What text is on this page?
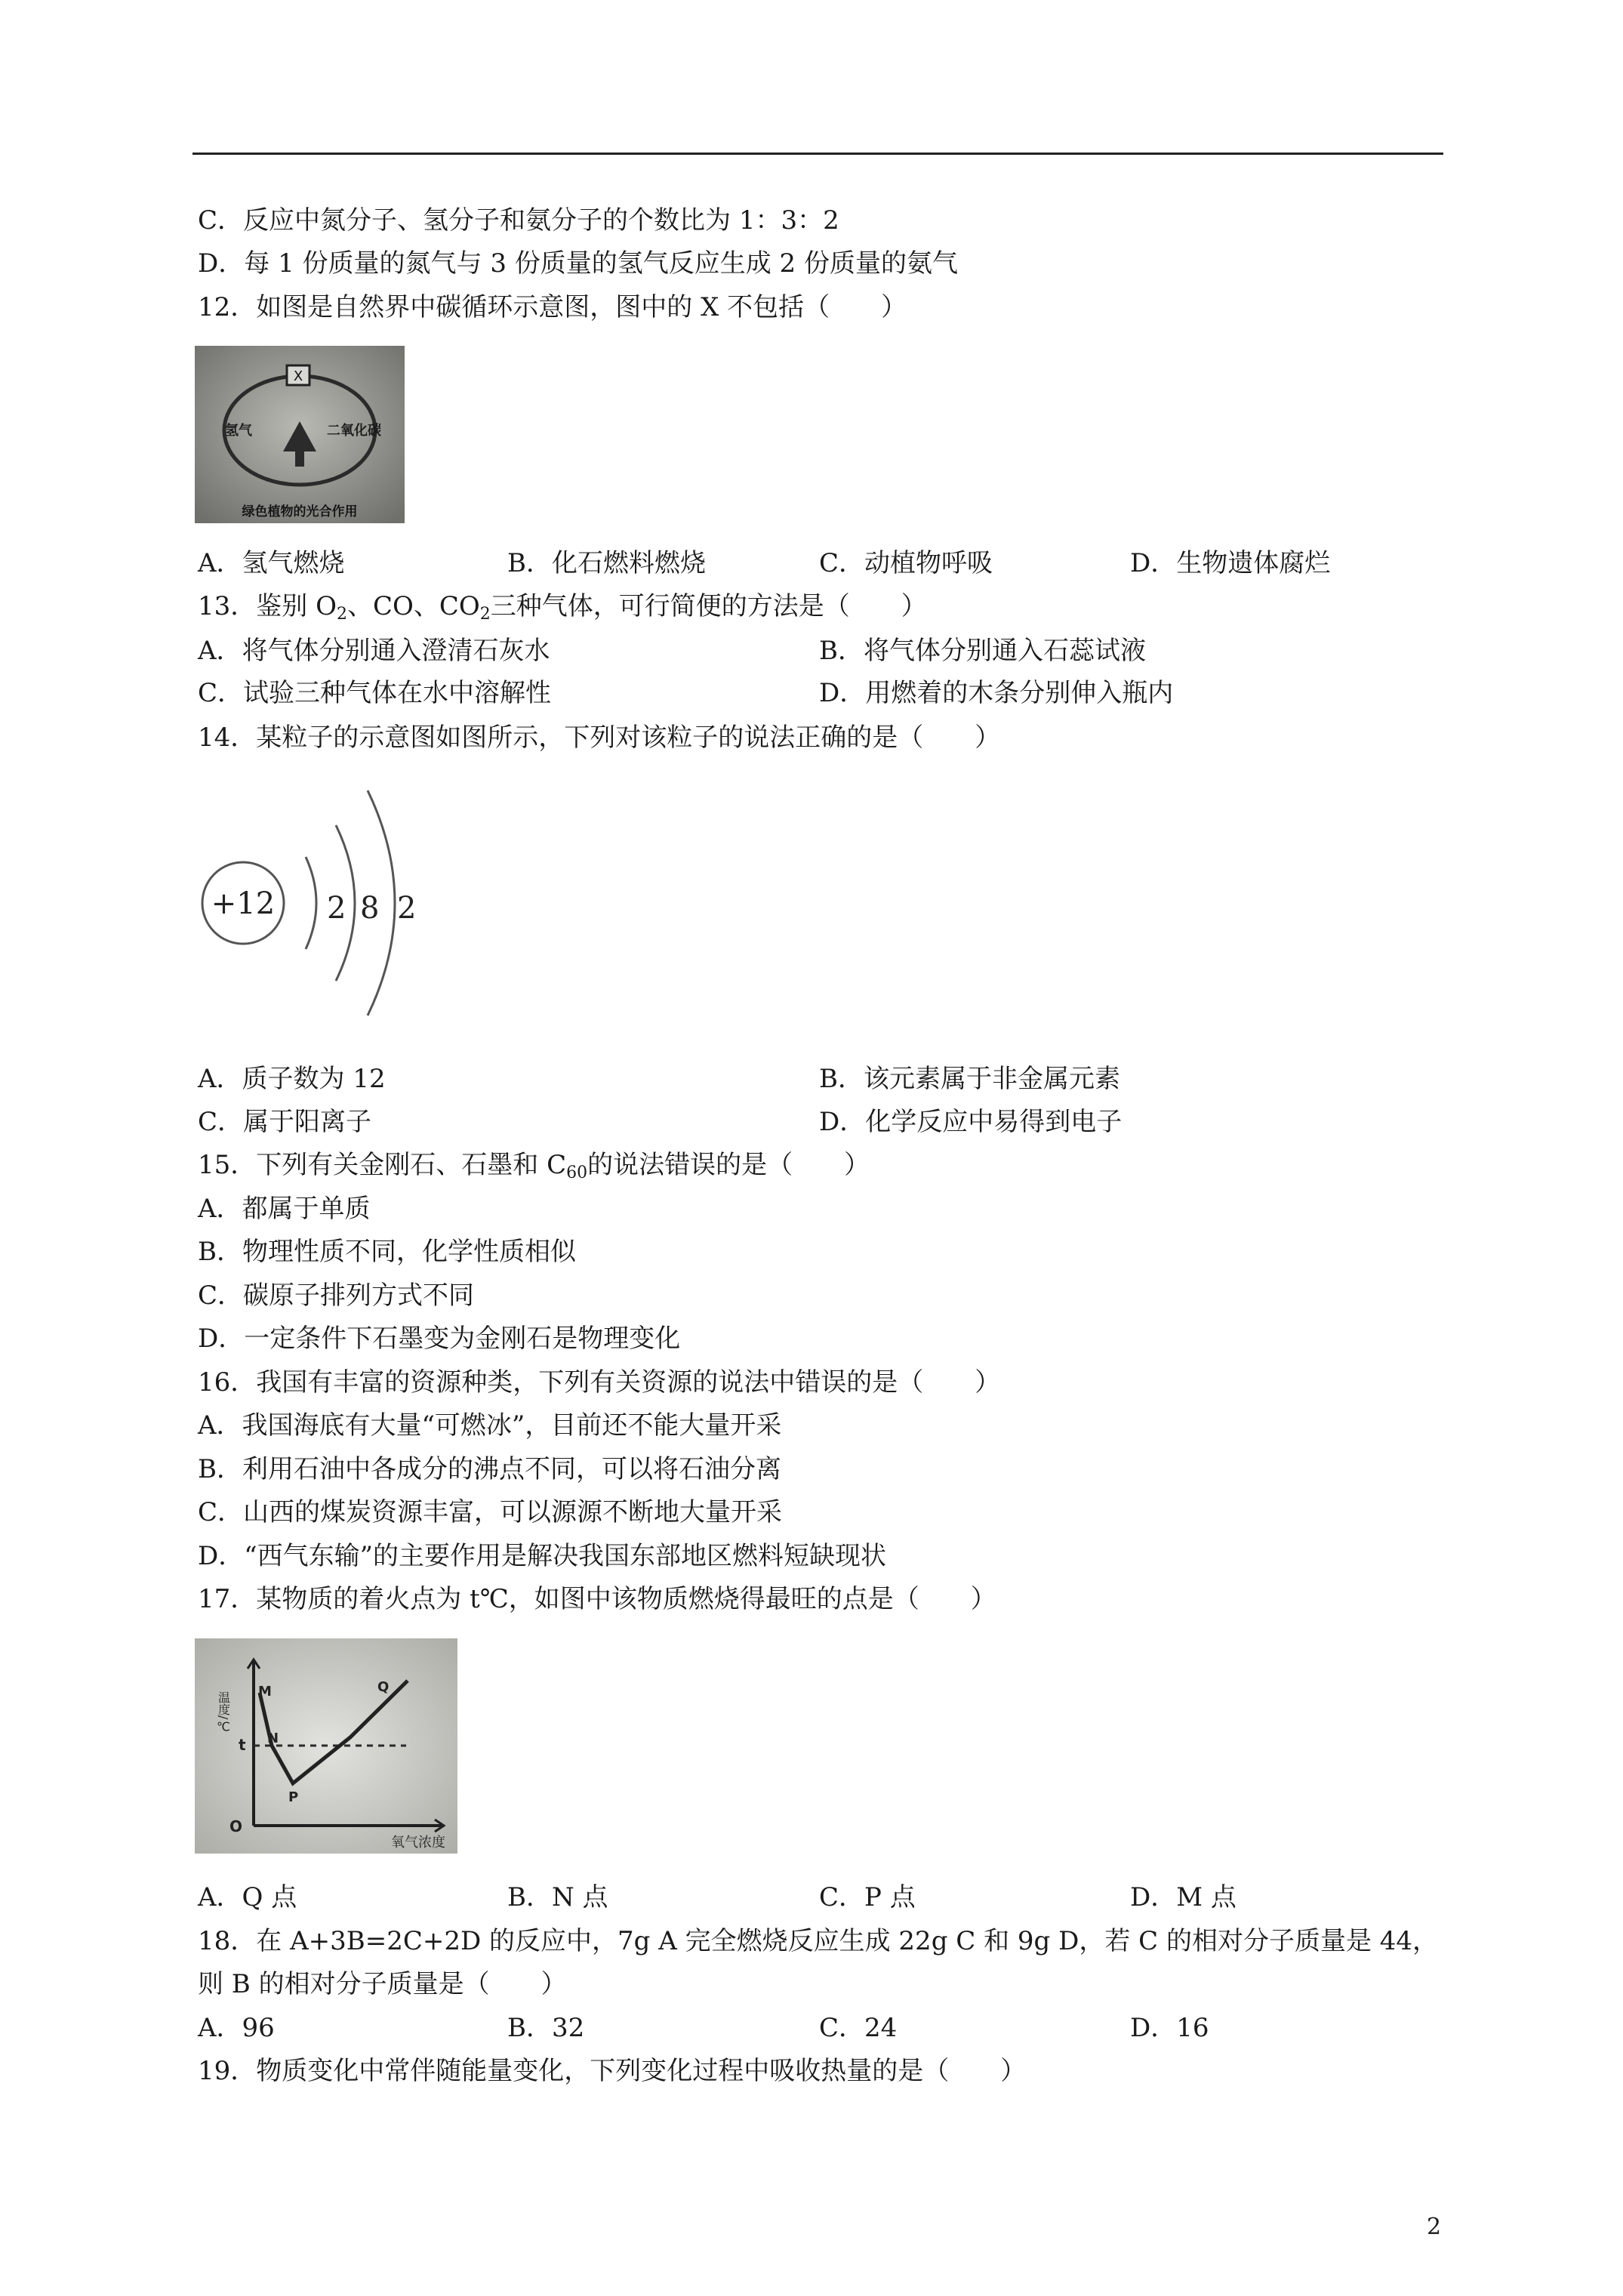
C．反应中氮分子、氢分子和氨分子的个数比为 1：3：2
D．每 1 份质量的氮气与 3 份质量的氢气反应生成 2 份质量的氨气
12．如图是自然界中碳循环示意图，图中的 X 不包括（　　）
X
氢气	二氧化碳
绿色植物的光合作用
A．氢气燃烧	B．化石燃料燃烧	C．动植物呼吸	D．生物遗体腐烂
13．鉴别 $O_2$、CO、$CO_2$三种气体，可行简便的方法是（　　）
A．将气体分别通入澄清石灰水	B．将气体分别通入石蕊试液
C．试验三种气体在水中溶解性	D．用燃着的木条分别伸入瓶内
14．某粒子的示意图如图所示，下列对该粒子的说法正确的是（　　）
+12 2 8 2
A．质子数为 12	B．该元素属于非金属元素
C．属于阳离子	D．化学反应中易得到电子
15．下列有关金刚石、石墨和 $C_{60}$的说法错误的是（　　）
A．都属于单质
B．物理性质不同，化学性质相似
C．碳原子排列方式不同
D．一定条件下石墨变为金刚石是物理变化
16．我国有丰富的资源种类，下列有关资源的说法中错误的是（　　）
A．我国海底有大量“可燃冰”，目前还不能大量开采
B．利用石油中各成分的沸点不同，可以将石油分离
C．山西的煤炭资源丰富，可以源源不断地大量开采
D．“西气东输”的主要作用是解决我国东部地区燃料短缺现状
17．某物质的着火点为 t℃，如图中该物质燃烧得最旺的点是（　　）
温度/℃
氧气浓度
O
t
M
N
P
Q
A．Q 点	B．N 点	C．P 点	D．M 点
18．在 A+3B=2C+2D 的反应中，7g A 完全燃烧反应生成 22g C 和 9g D，若 C 的相对分子质量是 44，
则 B 的相对分子质量是（　　）
A．96	B．32	C．24	D．16
19．物质变化中常伴随能量变化，下列变化过程中吸收热量的是（　　）
2
